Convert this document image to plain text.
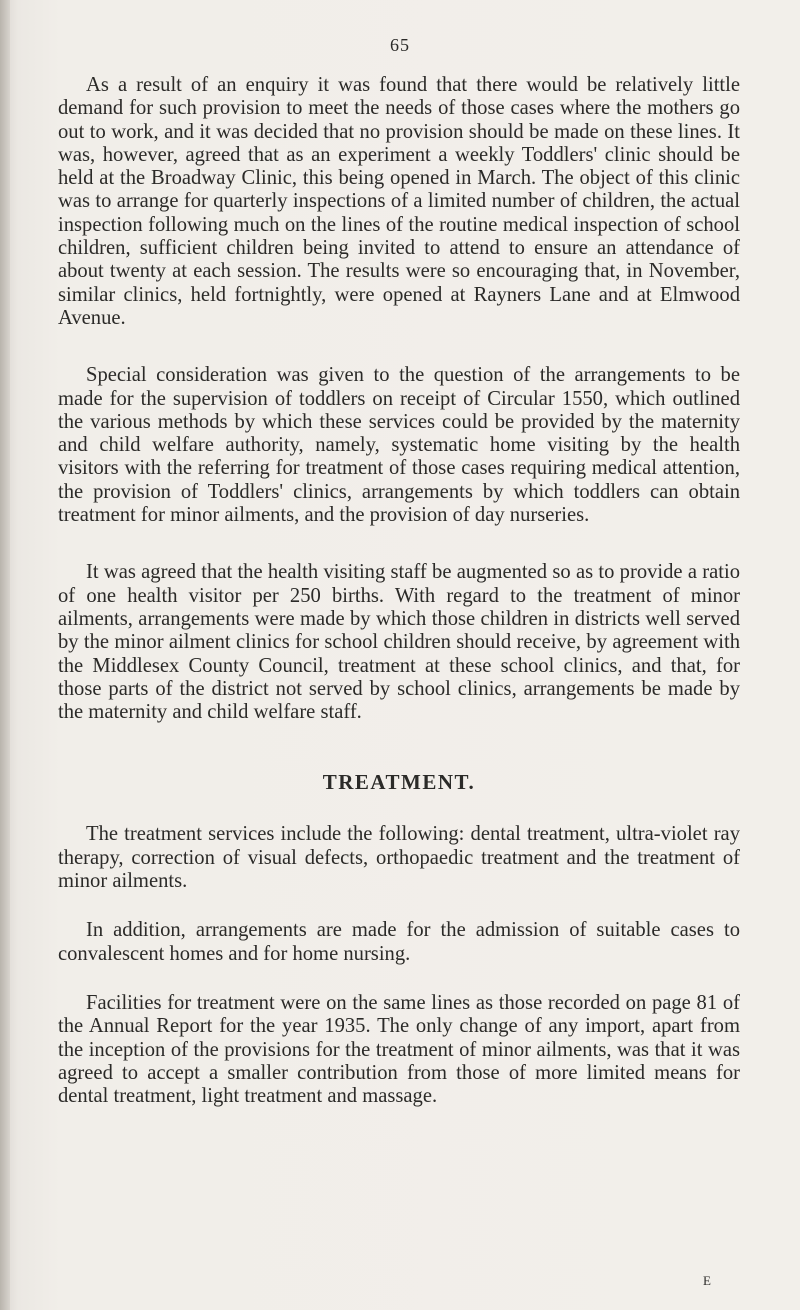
65

As a result of an enquiry it was found that there would be relatively little demand for such provision to meet the needs of those cases where the mothers go out to work, and it was decided that no provision should be made on these lines. It was, however, agreed that as an experiment a weekly Toddlers' clinic should be held at the Broadway Clinic, this being opened in March. The object of this clinic was to arrange for quarterly inspections of a limited number of children, the actual inspection following much on the lines of the routine medical inspection of school children, sufficient children being invited to attend to ensure an attendance of about twenty at each session. The results were so encouraging that, in November, similar clinics, held fortnightly, were opened at Rayners Lane and at Elmwood Avenue.

Special consideration was given to the question of the arrangements to be made for the supervision of toddlers on receipt of Circular 1550, which outlined the various methods by which these services could be provided by the maternity and child welfare authority, namely, systematic home visiting by the health visitors with the referring for treatment of those cases requiring medical attention, the provision of Toddlers' clinics, arrangements by which toddlers can obtain treatment for minor ailments, and the provision of day nurseries.

It was agreed that the health visiting staff be augmented so as to provide a ratio of one health visitor per 250 births. With regard to the treatment of minor ailments, arrangements were made by which those children in districts well served by the minor ailment clinics for school children should receive, by agreement with the Middlesex County Council, treatment at these school clinics, and that, for those parts of the district not served by school clinics, arrangements be made by the maternity and child welfare staff.

TREATMENT.

The treatment services include the following: dental treatment, ultra-violet ray therapy, correction of visual defects, orthopaedic treatment and the treatment of minor ailments.

In addition, arrangements are made for the admission of suitable cases to convalescent homes and for home nursing.

Facilities for treatment were on the same lines as those recorded on page 81 of the Annual Report for the year 1935. The only change of any import, apart from the inception of the provisions for the treatment of minor ailments, was that it was agreed to accept a smaller contribution from those of more limited means for dental treatment, light treatment and massage.

E
